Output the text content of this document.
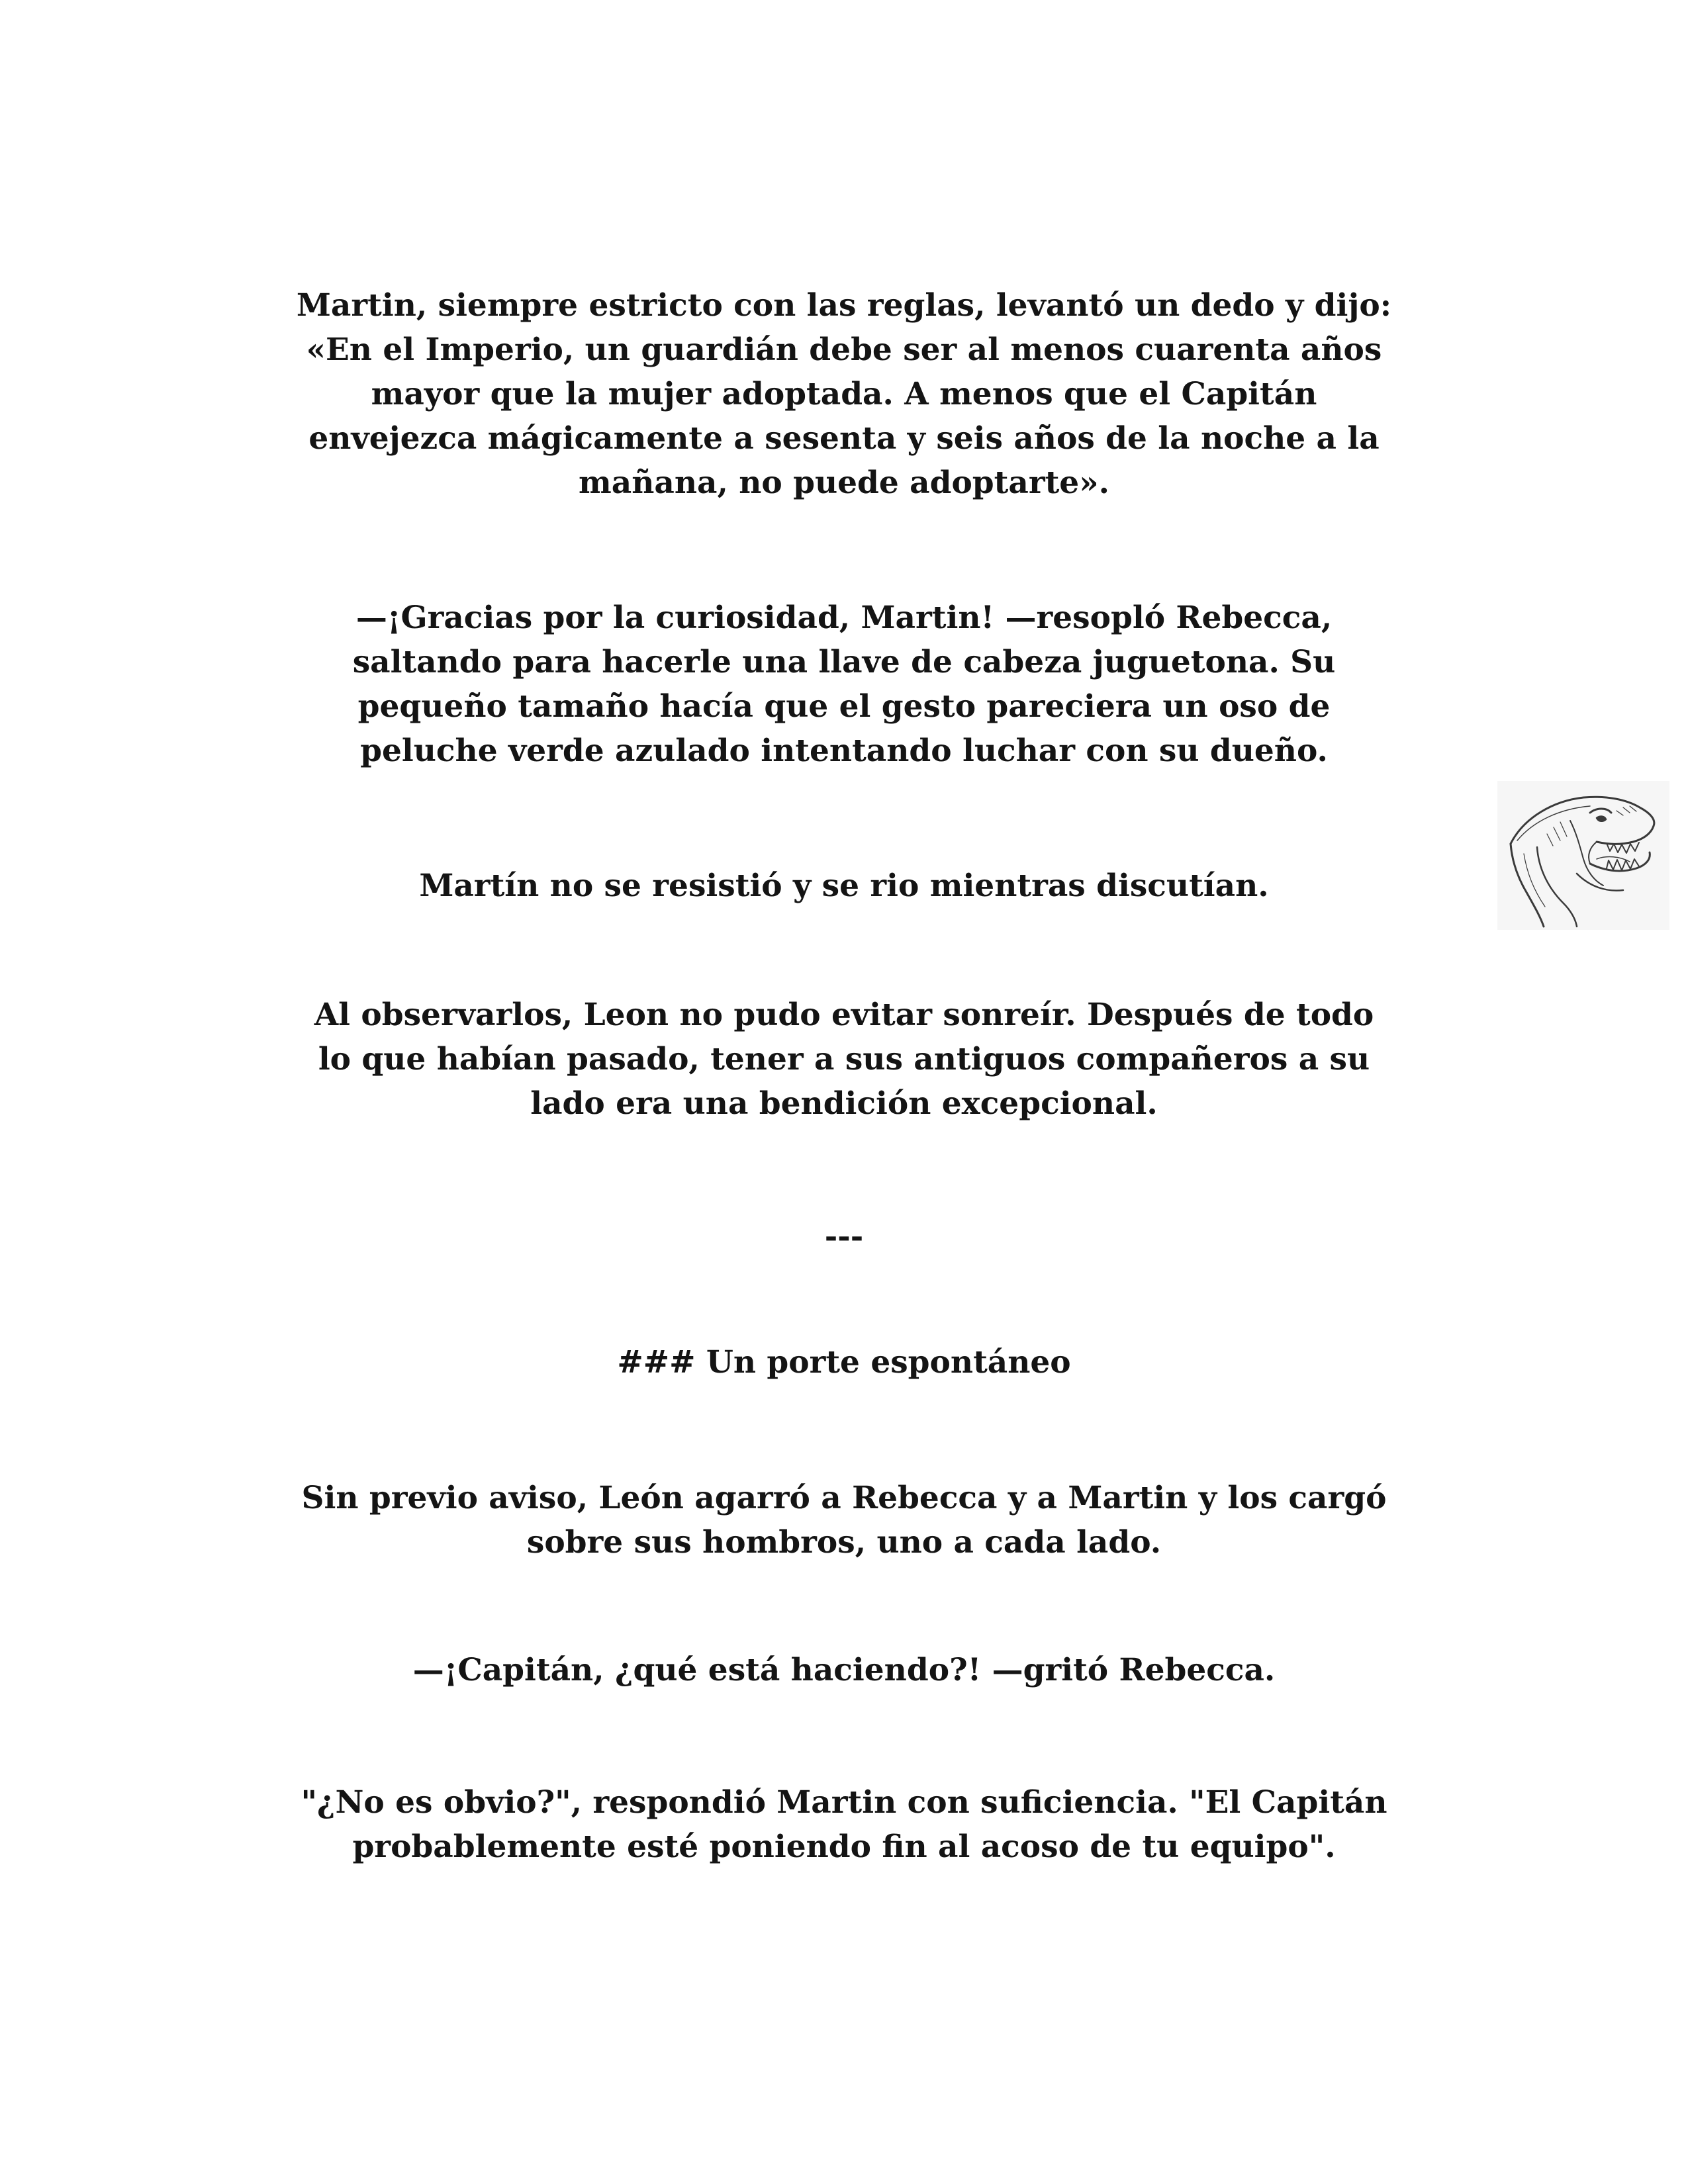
Martin, siempre estricto con las reglas, levantó un dedo y dijo:
«En el Imperio, un guardián debe ser al menos cuarenta años
mayor que la mujer adoptada. A menos que el Capitán
envejezca mágicamente a sesenta y seis años de la noche a la
mañana, no puede adoptarte».

—¡Gracias por la curiosidad, Martin! —resopló Rebecca,
saltando para hacerle una llave de cabeza juguetona. Su
pequeño tamaño hacía que el gesto pareciera un oso de
peluche verde azulado intentando luchar con su dueño.

Martín no se resistió y se rio mientras discutían.

Al observarlos, Leon no pudo evitar sonreír. Después de todo
lo que habían pasado, tener a sus antiguos compañeros a su
lado era una bendición excepcional.

---

### Un porte espontáneo

Sin previo aviso, León agarró a Rebecca y a Martin y los cargó
sobre sus hombros, uno a cada lado.

—¡Capitán, ¿qué está haciendo?! —gritó Rebecca.

"¿No es obvio?", respondió Martin con suficiencia. "El Capitán
probablemente esté poniendo fin al acoso de tu equipo".
